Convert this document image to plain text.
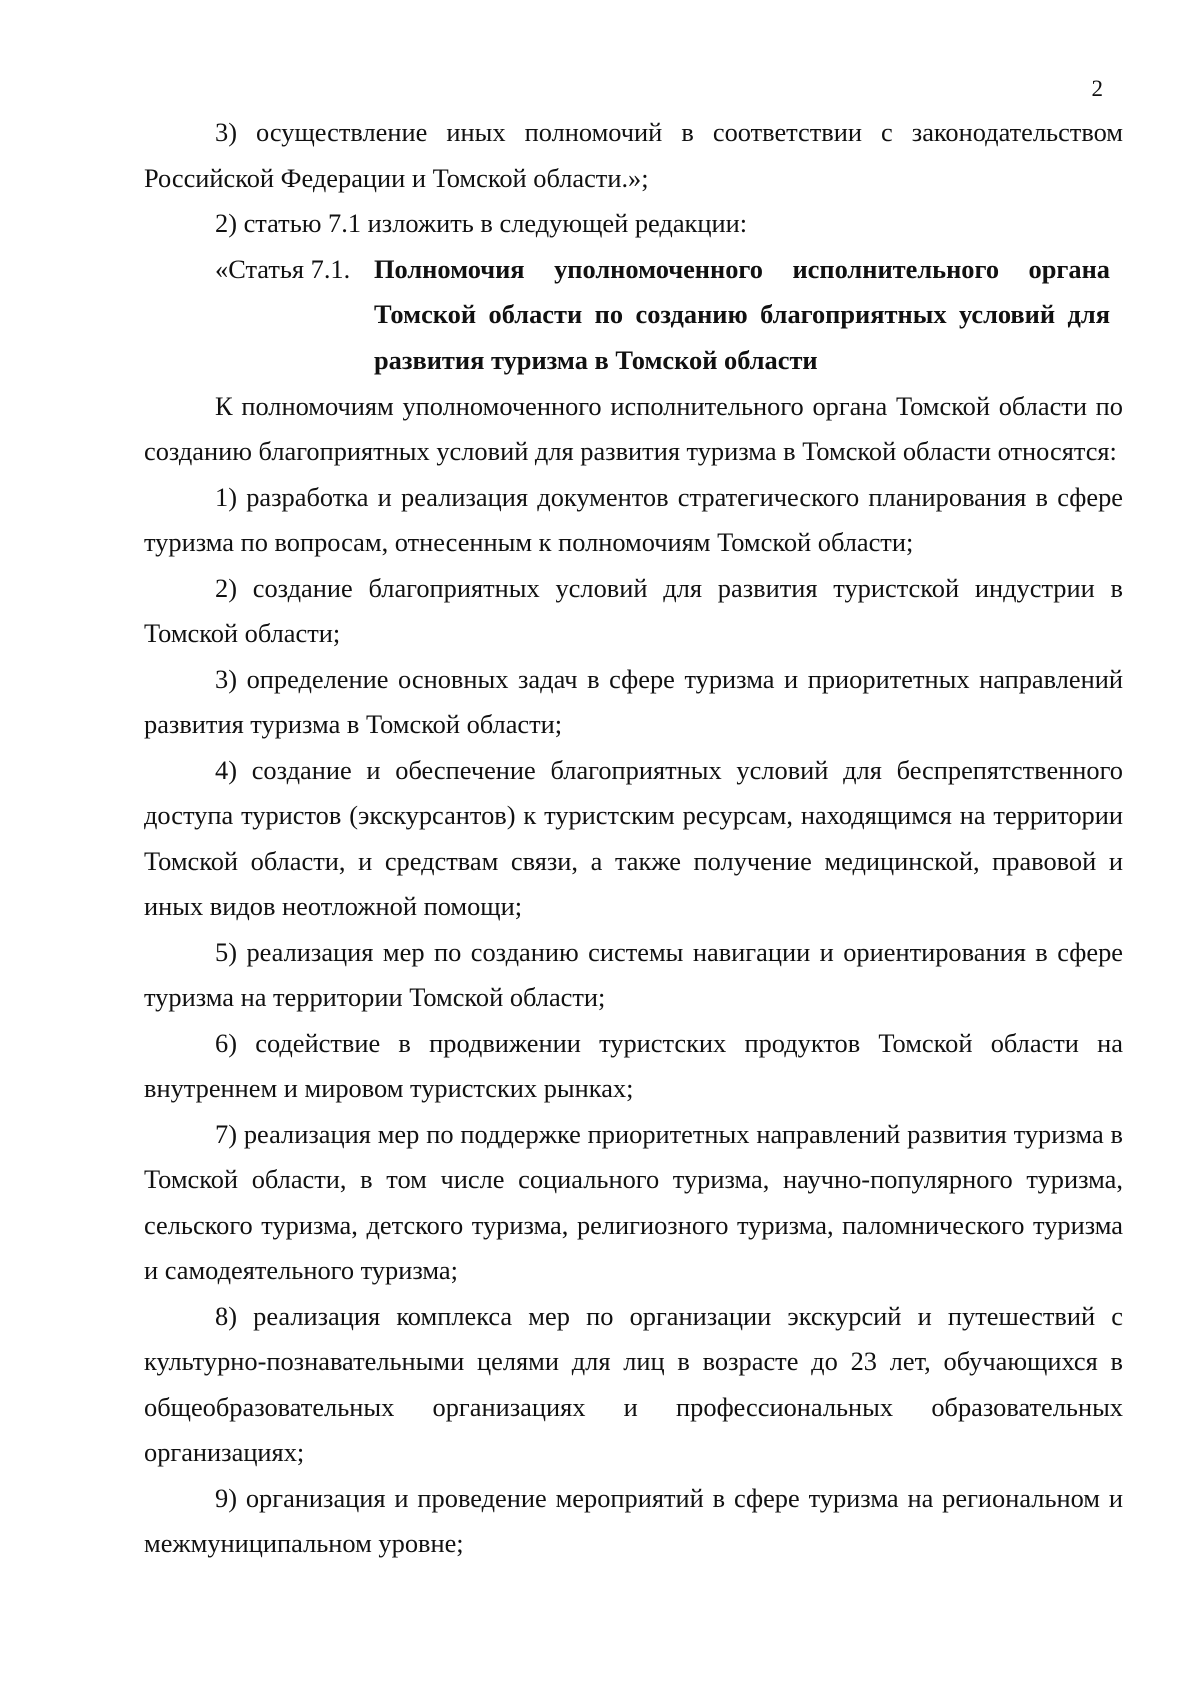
2

3) осуществление иных полномочий в соответствии с законодательством Российской Федерации и Томской области.»;

2) статью 7.1 изложить в следующей редакции:

«Статья 7.1. Полномочия уполномоченного исполнительного органа Томской области по созданию благоприятных условий для развития туризма в Томской области

К полномочиям уполномоченного исполнительного органа Томской области по созданию благоприятных условий для развития туризма в Томской области относятся:

1) разработка и реализация документов стратегического планирования в сфере туризма по вопросам, отнесенным к полномочиям Томской области;

2) создание благоприятных условий для развития туристской индустрии в Томской области;

3) определение основных задач в сфере туризма и приоритетных направлений развития туризма в Томской области;

4) создание и обеспечение благоприятных условий для беспрепятственного доступа туристов (экскурсантов) к туристским ресурсам, находящимся на территории Томской области, и средствам связи, а также получение медицинской, правовой и иных видов неотложной помощи;

5) реализация мер по созданию системы навигации и ориентирования в сфере туризма на территории Томской области;

6) содействие в продвижении туристских продуктов Томской области на внутреннем и мировом туристских рынках;

7) реализация мер по поддержке приоритетных направлений развития туризма в Томской области, в том числе социального туризма, научно-популярного туризма, сельского туризма, детского туризма, религиозного туризма, паломнического туризма и самодеятельного туризма;

8) реализация комплекса мер по организации экскурсий и путешествий с культурно-познавательными целями для лиц в возрасте до 23 лет, обучающихся в общеобразовательных организациях и профессиональных образовательных организациях;

9) организация и проведение мероприятий в сфере туризма на региональном и межмуниципальном уровне;
